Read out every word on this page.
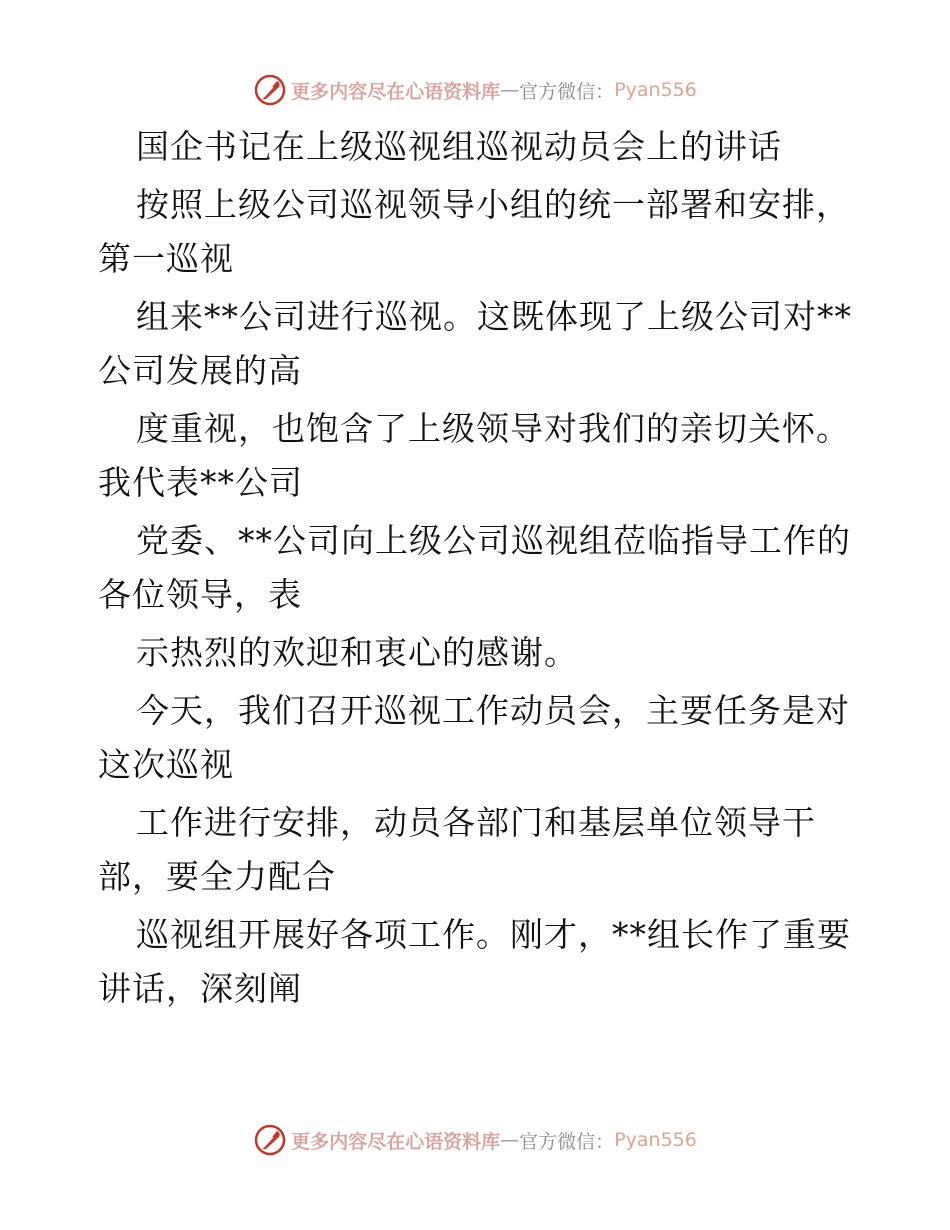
更多内容尽在心语资料库 — 官方微信： Pyan556
国企书记在上级巡视组巡视动员会上的讲话
按照上级公司巡视领导小组的统一部署和安排，
第一巡视
组来**公司进行巡视。这既体现了上级公司对**
公司发展的高
度重视，也饱含了上级领导对我们的亲切关怀。
我代表**公司
党委、**公司向上级公司巡视组莅临指导工作的
各位领导，表
示热烈的欢迎和衷心的感谢。
今天，我们召开巡视工作动员会，主要任务是对
这次巡视
工作进行安排，动员各部门和基层单位领导干
部，要全力配合
巡视组开展好各项工作。刚才，**组长作了重要
讲话，深刻阐
更多内容尽在心语资料库 — 官方微信： Pyan556
